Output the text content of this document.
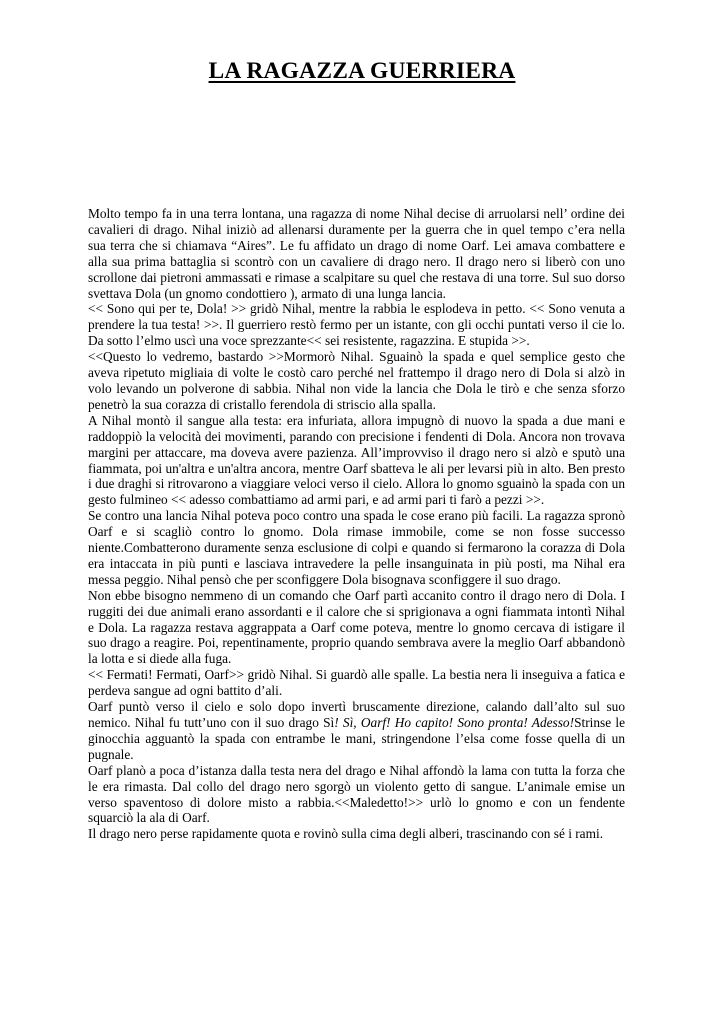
LA RAGAZZA GUERRIERA

Molto tempo fa in una terra lontana, una ragazza di nome Nihal decise di arruolarsi nell’ ordine dei cavalieri di drago. Nihal iniziò ad allenarsi duramente per la guerra che in quel tempo c’era nella sua terra che si chiamava “Aires”. Le fu affidato un drago di nome Oarf. Lei amava combattere e alla sua prima battaglia si scontrò con un cavaliere di drago nero. Il drago nero si liberò con uno scrollone dai pietroni ammassati e rimase a scalpitare su quel che restava di una torre. Sul suo dorso svettava Dola (un gnomo condottiero ), armato di una lunga lancia.

<< Sono qui per te, Dola! >> gridò Nihal, mentre la rabbia le esplodeva in petto. << Sono venuta a prendere la tua testa! >>. Il guerriero restò fermo per un istante, con gli occhi puntati verso il cie lo. Da sotto l’elmo uscì una voce sprezzante<< sei resistente, ragazzina. E stupida >>.

<<Questo lo vedremo, bastardo >>Mormorò Nihal. Sguainò la spada e quel semplice gesto che aveva ripetuto migliaia di volte le costò caro perché nel frattempo il drago nero di Dola si alzò in volo levando un polverone di sabbia. Nihal non vide la lancia che Dola le tirò e che senza sforzo penetrò la sua corazza di cristallo ferendola di striscio alla spalla.

A Nihal montò il sangue alla testa: era infuriata, allora impugnò di nuovo la spada a due mani e raddoppiò la velocità dei movimenti, parando con precisione i fendenti di Dola. Ancora non trovava margini per attaccare, ma doveva avere pazienza. All’improvviso il drago nero si alzò e sputò una fiammata, poi un'altra e un'altra ancora, mentre Oarf sbatteva le ali per levarsi più in alto. Ben presto i due draghi si ritrovarono a viaggiare veloci verso il cielo. Allora lo gnomo sguainò la spada con un gesto fulmineo << adesso combattiamo ad armi pari, e ad armi pari ti farò a pezzi >>.

Se contro una lancia Nihal poteva poco contro una spada le cose erano più facili. La ragazza spronò Oarf e si scagliò contro lo gnomo. Dola rimase immobile, come se non fosse successo niente.Combatterono duramente senza esclusione di colpi e quando si fermarono la corazza di Dola era intaccata in più punti e lasciava intravedere la pelle insanguinata in più posti, ma Nihal era messa peggio. Nihal pensò che per sconfiggere Dola bisognava sconfiggere il suo drago.

Non ebbe bisogno nemmeno di un comando che Oarf partì accanito contro il drago nero di Dola. I ruggiti dei due animali erano assordanti e il calore che si sprigionava a ogni fiammata intontì Nihal e Dola. La ragazza restava aggrappata a Oarf come poteva, mentre lo gnomo cercava di istigare il suo drago a reagire. Poi, repentinamente, proprio quando sembrava avere la meglio Oarf abbandonò la lotta e si diede alla fuga.

<< Fermati! Fermati, Oarf>> gridò Nihal. Si guardò alle spalle. La bestia nera li inseguiva a fatica e perdeva sangue ad ogni battito d’ali.

Oarf puntò verso il cielo e solo dopo invertì bruscamente direzione, calando dall’alto sul suo nemico. Nihal fu tutt’uno con il suo drago Sì! Sì, Oarf! Ho capito! Sono pronta! Adesso!Strinse le ginocchia agguantò la spada con entrambe le mani, stringendone l’elsa come fosse quella di un pugnale.

Oarf planò a poca d’istanza dalla testa nera del drago e Nihal affondò la lama con tutta la forza che le era rimasta. Dal collo del drago nero sgorgò un violento getto di sangue. L’animale emise un verso spaventoso di dolore misto a rabbia.<<Maledetto!>> urlò lo gnomo e con un fendente squarciò la ala di Oarf.

Il drago nero perse rapidamente quota e rovinò sulla cima degli alberi, trascinando con sé i rami.
